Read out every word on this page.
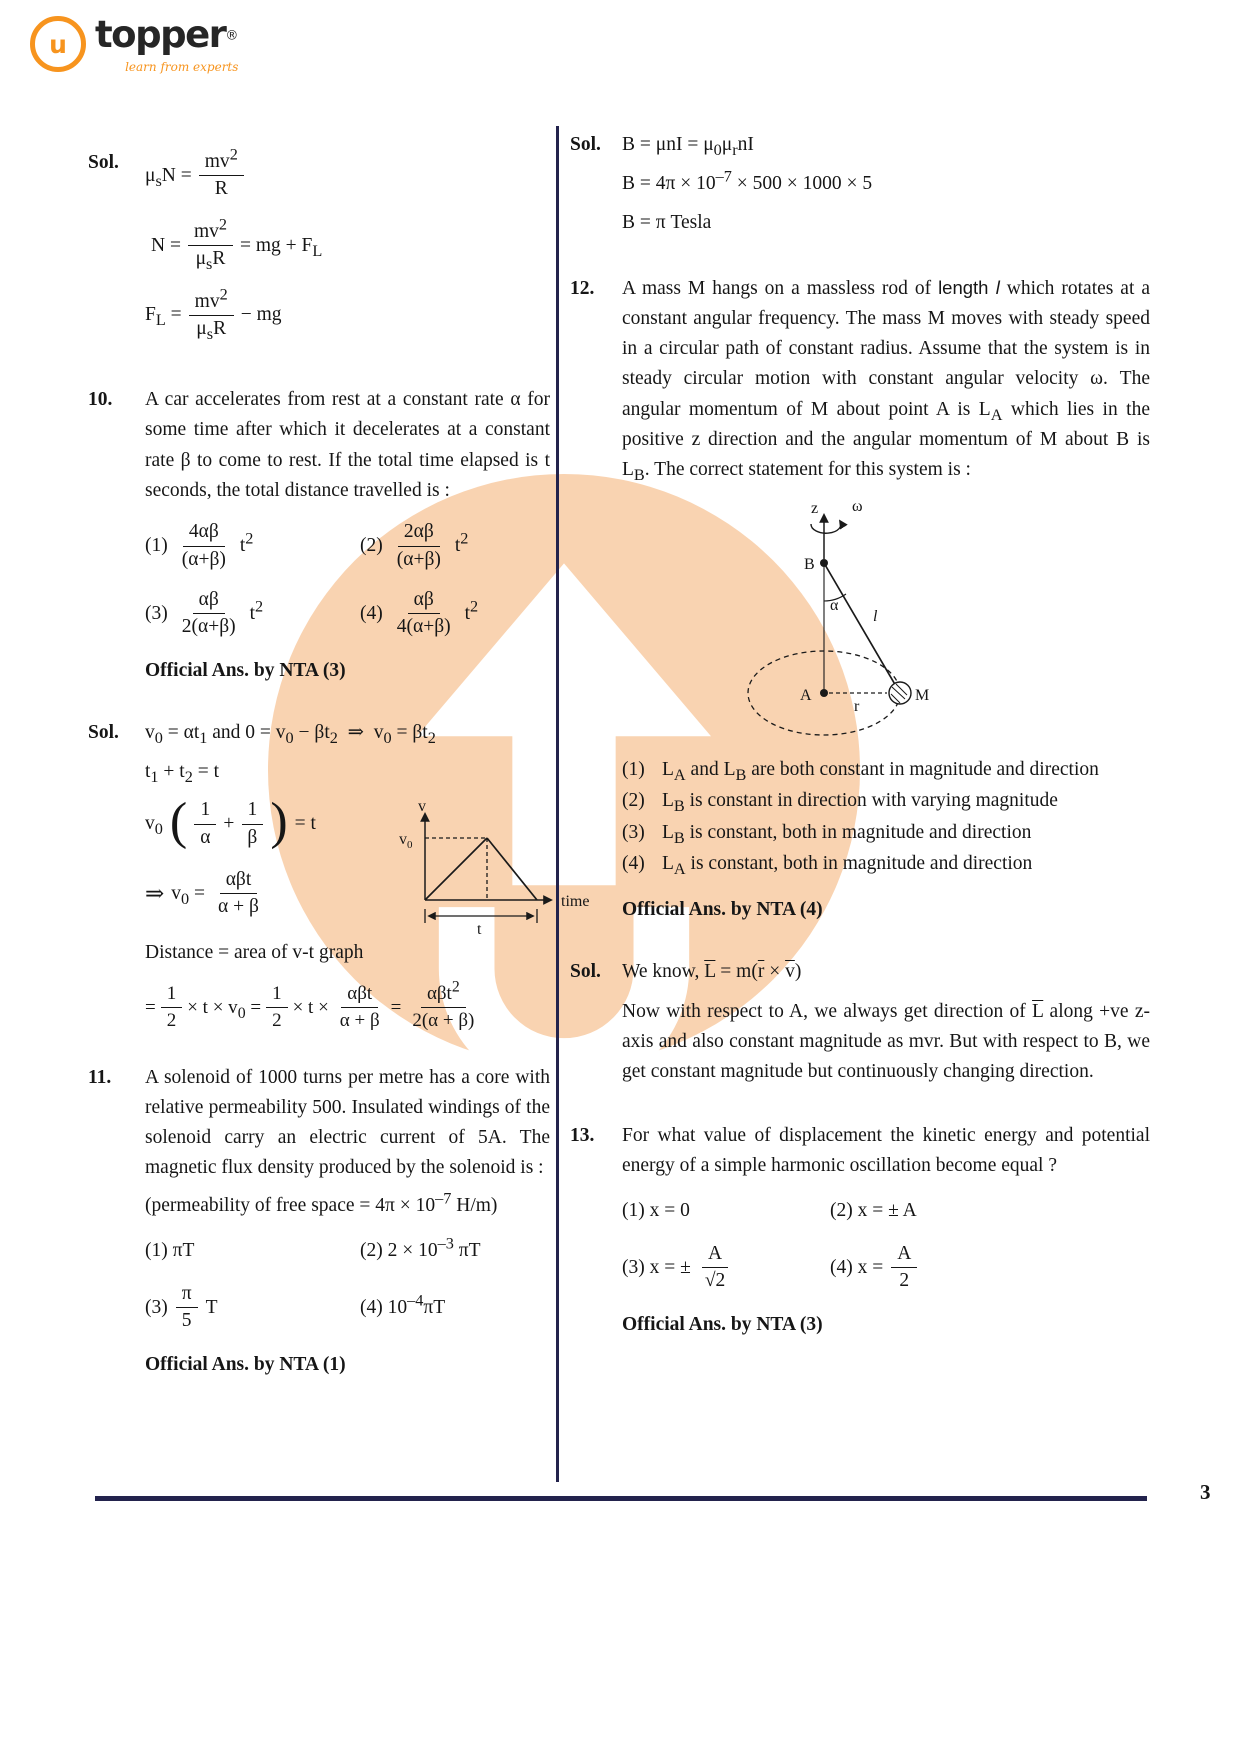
u topper®
learn from experts
Sol.
$\mu_sN = \frac{mv^2}{R}$
$N = \frac{mv^2}{\mu_sR}$ = mg + $F_L$
$F_L = \frac{mv^2}{\mu_sR}$ − mg
10.	A car accelerates from rest at a constant rate α for some time after which it decelerates at a constant rate β to come to rest. If the total time elapsed is t seconds, the total distance travelled is :

$(1) \frac{4\alpha\beta}{(\alpha+\beta)} t^2$	$(2) \frac{2\alpha\beta}{(\alpha+\beta)} t^2$
$(3) \frac{\alpha\beta}{2(\alpha+\beta)} t^2$	$(4) \frac{\alpha\beta}{4(\alpha+\beta)} t^2$
Official Ans. by NTA (3)
Sol.	$v_0 = \alpha t_1$ and $0 = v_0 - \beta t_2$  ⇒  $v_0 = \beta t_2$

$t_1 + t_2 = t$

$v_0$ ( $\frac{1}{\alpha} + \frac{1}{\beta}$ ) = t
⇒ $v_0 = \frac{\text{αβt}}{\alpha + \beta}$
v
time
$v_0$
t

Distance = area of v-t graph

= $\frac{1}{2} \times t \times v_0 = \frac{1}{2} \times t \times \frac{\text{αβt}}{\alpha + \beta} = \frac{\alpha\beta t^2}{2(\alpha + \beta)}$
11.	A solenoid of 1000 turns per metre has a core with relative permeability 500. Insulated windings of the solenoid carry an electric current of 5A. The magnetic flux density produced by the solenoid is :

(permeability of free space = $4\pi \times 10^{-7}$ H/m)

(1) πT	(2) $2 \times 10^{-3}$ πT
$(3) \frac{\pi}{5}$ T	(4) $10^{-4}\pi T$
Official Ans. by NTA (1)
Sol.	$B = \mu nI = \mu_0\mu_rnI$

$B = 4\pi \times 10^{-7} \times 500 \times 1000 \times 5$

B = π Tesla

12.	A mass M hangs on a massless rod of length l which rotates at a constant angular frequency. The mass M moves with steady speed in a circular path of constant radius. Assume that the system is in steady circular motion with constant angular velocity ω. The angular momentum of M about point A is $L_A$ which lies in the positive z direction and the angular momentum of M about B is $L_B$. The correct statement for this system is :

z ω
B
α
l
A
r
M
(1) $L_A$ and $L_B$ are both constant in magnitude and direction
(2) $L_B$ is constant in direction with varying magnitude
(3) $L_B$ is constant, both in magnitude and direction
(4) $L_A$ is constant, both in magnitude and direction
Official Ans. by NTA (4)
Sol.	We know, $\overline{L} = m(\overline{r} \times \overline{v})$

Now with respect to A, we always get direction of $\overline{L}$ along +ve z-axis and also constant magnitude as mvr. But with respect to B, we get constant magnitude but continuously changing direction.

13.	For what value of displacement the kinetic energy and potential energy of a simple harmonic oscillation become equal ?

(1) x = 0	(2) x = ± A
(3) x = ± $\frac{A}{√2}$	(4) $x = \frac{A}{2}$
Official Ans. by NTA (3)
3
